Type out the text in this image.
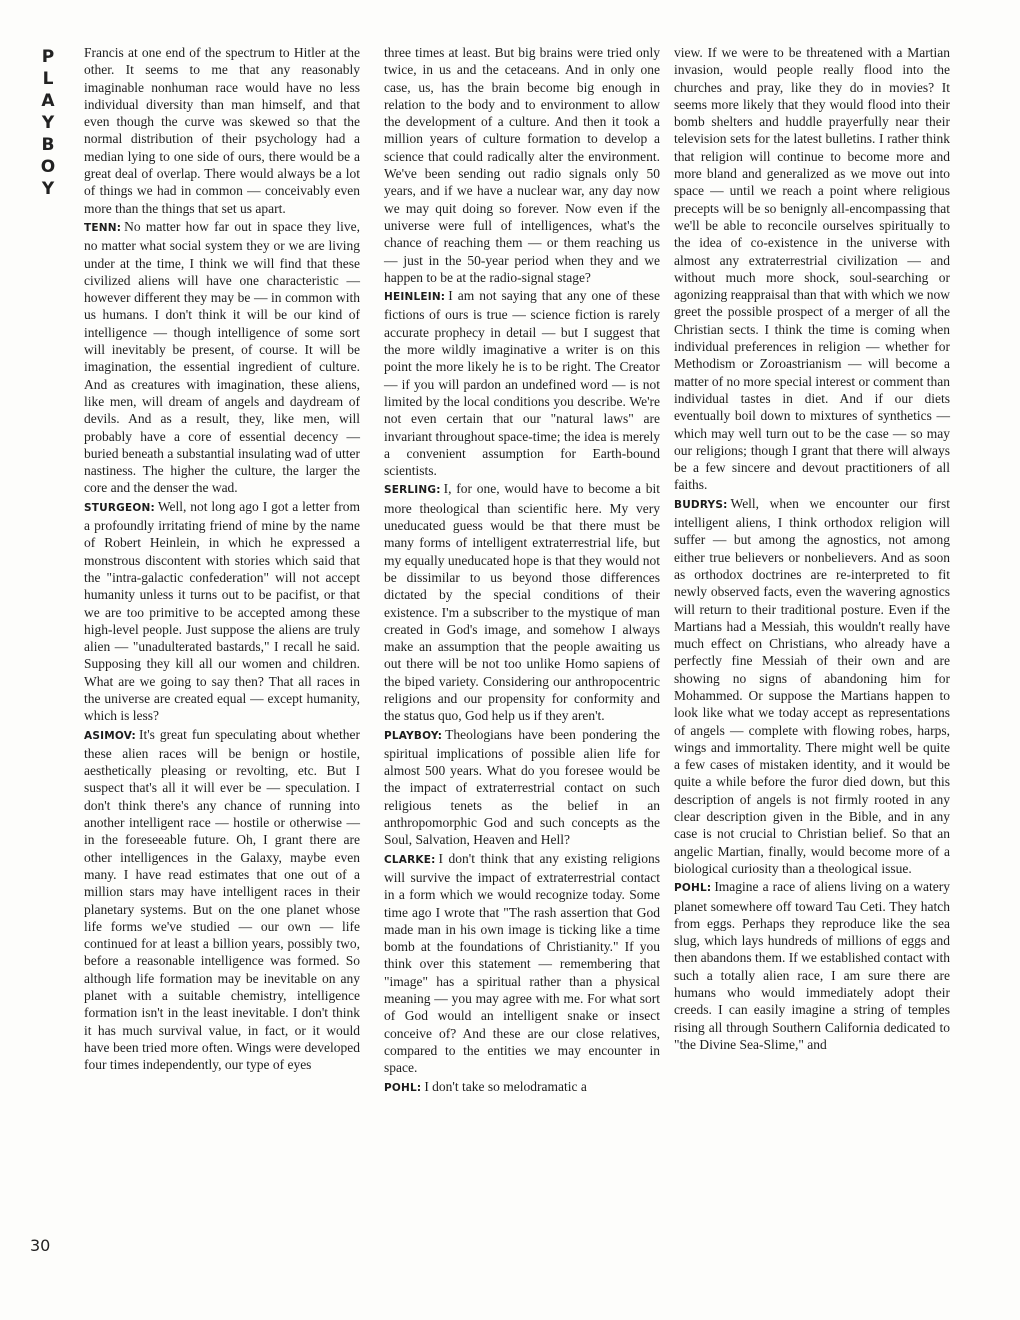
P
L
A
Y
B
O
Y
30

Francis at one end of the spectrum to Hitler at the other. It seems to me that any reasonably imaginable nonhuman race would have no less individual diversity than man himself, and that even though the curve was skewed so that the normal distribution of their psychology had a median lying to one side of ours, there would be a great deal of overlap. There would always be a lot of things we had in common — conceivably even more than the things that set us apart.

TENN: No matter how far out in space they live, no matter what social system they or we are living under at the time, I think we will find that these civilized aliens will have one characteristic — however different they may be — in common with us humans. I don't think it will be our kind of intelligence — though intelligence of some sort will inevitably be present, of course. It will be imagination, the essential ingredient of culture. And as creatures with imagination, these aliens, like men, will dream of angels and daydream of devils. And as a result, they, like men, will probably have a core of essential decency — buried beneath a substantial insulating wad of utter nastiness. The higher the culture, the larger the core and the denser the wad.

STURGEON: Well, not long ago I got a letter from a profoundly irritating friend of mine by the name of Robert Heinlein, in which he expressed a monstrous discontent with stories which said that the "intra-galactic confederation" will not accept humanity unless it turns out to be pacifist, or that we are too primitive to be accepted among these high-level people. Just suppose the aliens are truly alien — "unadulterated bastards," I recall he said. Supposing they kill all our women and children. What are we going to say then? That all races in the universe are created equal — except humanity, which is less?

ASIMOV: It's great fun speculating about whether these alien races will be benign or hostile, aesthetically pleasing or revolting, etc. But I suspect that's all it will ever be — speculation. I don't think there's any chance of running into another intelligent race — hostile or otherwise — in the foreseeable future. Oh, I grant there are other intelligences in the Galaxy, maybe even many. I have read estimates that one out of a million stars may have intelligent races in their planetary systems. But on the one planet whose life forms we've studied — our own — life continued for at least a billion years, possibly two, before a reasonable intelligence was formed. So although life formation may be inevitable on any planet with a suitable chemistry, intelligence formation isn't in the least inevitable. I don't think it has much survival value, in fact, or it would have been tried more often. Wings were developed four times independently, our type of eyes

three times at least. But big brains were tried only twice, in us and the cetaceans. And in only one case, us, has the brain become big enough in relation to the body and to environment to allow the development of a culture. And then it took a million years of culture formation to develop a science that could radically alter the environment. We've been sending out radio signals only 50 years, and if we have a nuclear war, any day now we may quit doing so forever. Now even if the universe were full of intelligences, what's the chance of reaching them — or them reaching us — just in the 50-year period when they and we happen to be at the radio-signal stage?

HEINLEIN: I am not saying that any one of these fictions of ours is true — science fiction is rarely accurate prophecy in detail — but I suggest that the more wildly imaginative a writer is on this point the more likely he is to be right. The Creator — if you will pardon an undefined word — is not limited by the local conditions you describe. We're not even certain that our "natural laws" are invariant throughout space-time; the idea is merely a convenient assumption for Earth-bound scientists.

SERLING: I, for one, would have to become a bit more theological than scientific here. My very uneducated guess would be that there must be many forms of intelligent extraterrestrial life, but my equally uneducated hope is that they would not be dissimilar to us beyond those differences dictated by the special conditions of their existence. I'm a subscriber to the mystique of man created in God's image, and somehow I always make an assumption that the people awaiting us out there will be not too unlike Homo sapiens of the biped variety. Considering our anthropocentric religions and our propensity for conformity and the status quo, God help us if they aren't.

PLAYBOY: Theologians have been pondering the spiritual implications of possible alien life for almost 500 years. What do you foresee would be the impact of extraterrestrial contact on such religious tenets as the belief in an anthropomorphic God and such concepts as the Soul, Salvation, Heaven and Hell?

CLARKE: I don't think that any existing religions will survive the impact of extraterrestrial contact in a form which we would recognize today. Some time ago I wrote that "The rash assertion that God made man in his own image is ticking like a time bomb at the foundations of Christianity." If you think over this statement — remembering that "image" has a spiritual rather than a physical meaning — you may agree with me. For what sort of God would an intelligent snake or insect conceive of? And these are our close relatives, compared to the entities we may encounter in space.

POHL: I don't take so melodramatic a

view. If we were to be threatened with a Martian invasion, would people really flood into the churches and pray, like they do in movies? It seems more likely that they would flood into their bomb shelters and huddle prayerfully near their television sets for the latest bulletins. I rather think that religion will continue to become more and more bland and generalized as we move out into space — until we reach a point where religious precepts will be so benignly all-encompassing that we'll be able to reconcile ourselves spiritually to the idea of co-existence in the universe with almost any extraterrestrial civilization — and without much more shock, soul-searching or agonizing reappraisal than that with which we now greet the possible prospect of a merger of all the Christian sects. I think the time is coming when individual preferences in religion — whether for Methodism or Zoroastrianism — will become a matter of no more special interest or comment than individual tastes in diet. And if our diets eventually boil down to mixtures of synthetics — which may well turn out to be the case — so may our religions; though I grant that there will always be a few sincere and devout practitioners of all faiths.

BUDRYS: Well, when we encounter our first intelligent aliens, I think orthodox religion will suffer — but among the agnostics, not among either true believers or nonbelievers. And as soon as orthodox doctrines are re-interpreted to fit newly observed facts, even the wavering agnostics will return to their traditional posture. Even if the Martians had a Messiah, this wouldn't really have much effect on Christians, who already have a perfectly fine Messiah of their own and are showing no signs of abandoning him for Mohammed. Or suppose the Martians happen to look like what we today accept as representations of angels — complete with flowing robes, harps, wings and immortality. There might well be quite a few cases of mistaken identity, and it would be quite a while before the furor died down, but this description of angels is not firmly rooted in any clear description given in the Bible, and in any case is not crucial to Christian belief. So that an angelic Martian, finally, would become more of a biological curiosity than a theological issue.

POHL: Imagine a race of aliens living on a watery planet somewhere off toward Tau Ceti. They hatch from eggs. Perhaps they reproduce like the sea slug, which lays hundreds of millions of eggs and then abandons them. If we established contact with such a totally alien race, I am sure there are humans who would immediately adopt their creeds. I can easily imagine a string of temples rising all through Southern California dedicated to "the Divine Sea-Slime," and
